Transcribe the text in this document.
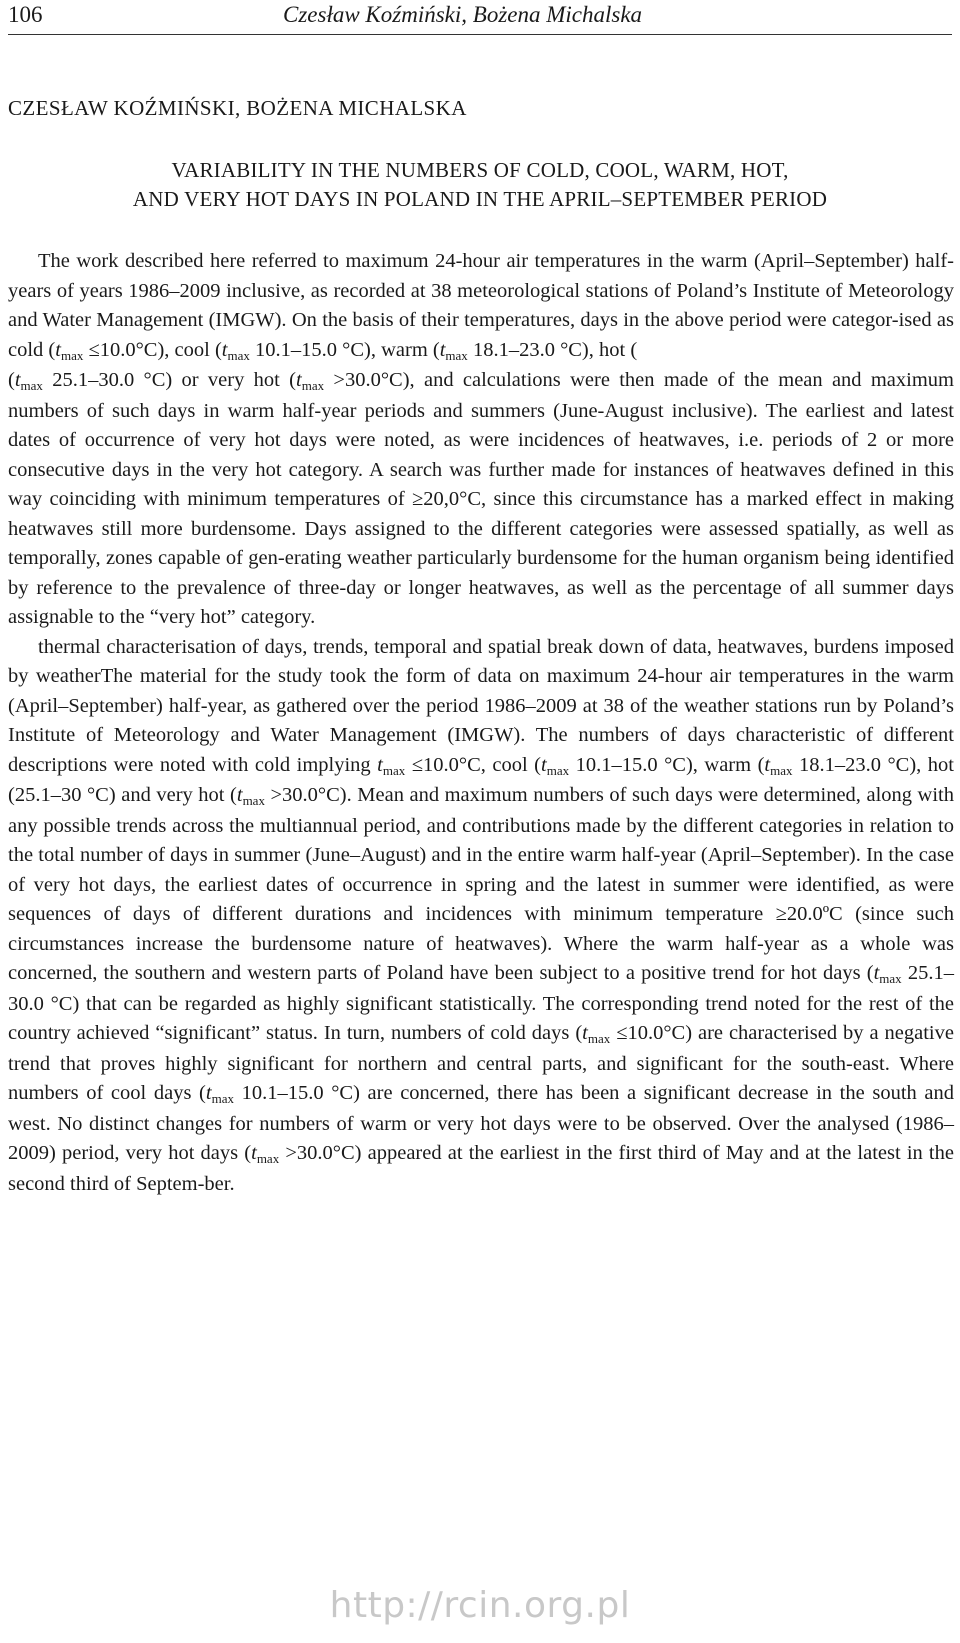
106	Czesław Koźmiński, Bożena Michalska
CZESŁAW KOŹMIŃSKI, BOŻENA MICHALSKA
VARIABILITY IN THE NUMBERS OF COLD, COOL, WARM, HOT,
AND VERY HOT DAYS IN POLAND IN THE APRIL–SEPTEMBER PERIOD

The work described here referred to maximum 24-hour air temperatures in the warm (April–September) half-years of years 1986–2009 inclusive, as recorded at 38 meteorological stations of Poland’s Institute of Meteorology and Water Management (IMGW). On the basis of their temperatures, days in the above period were categor-ised as cold (tmax ≤10.0°C), cool (tmax 10.1–15.0 °C), warm (tmax 18.1–23.0 °C), hot (
(tmax 25.1–30.0 °C) or very hot (tmax >30.0°C), and calculations were then made of the mean and maximum numbers of such days in warm half-year periods and summers (June-August inclusive). The earliest and latest dates of occurrence of very hot days were noted, as were incidences of heatwaves, i.e. periods of 2 or more consecutive days in the very hot category. A search was further made for instances of heatwaves defined in this way coinciding with minimum temperatures of ≥20,0°C, since this circumstance has a marked effect in making heatwaves still more burdensome. Days assigned to the different categories were assessed spatially, as well as temporally, zones capable of gen-erating weather particularly burdensome for the human organism being identified by reference to the prevalence of three-day or longer heatwaves, as well as the percentage of all summer days assignable to the “very hot” category.

thermal characterisation of days, trends, temporal and spatial break down of data, heatwaves, burdens imposed by weatherThe material for the study took the form of data on maximum 24-hour air temperatures in the warm (April–September) half-year, as gathered over the period 1986–2009 at 38 of the weather stations run by Poland’s Institute of Meteorology and Water Management (IMGW). The numbers of days characteristic of different descriptions were noted with cold implying tmax ≤10.0°C, cool (tmax 10.1–15.0 °C), warm (tmax 18.1–23.0 °C), hot (25.1–30 °C) and very hot (tmax >30.0°C). Mean and maximum numbers of such days were determined, along with any possible trends across the multiannual period, and contributions made by the different categories in relation to the total number of days in summer (June–August) and in the entire warm half-year (April–September). In the case of very hot days, the earliest dates of occurrence in spring and the latest in summer were identified, as were sequences of days of different durations and incidences with minimum temperature ≥20.0ºC (since such circumstances increase the burdensome nature of heatwaves). Where the warm half-year as a whole was concerned, the southern and western parts of Poland have been subject to a positive trend for hot days (tmax 25.1–30.0 °C) that can be regarded as highly significant statistically. The corresponding trend noted for the rest of the country achieved “significant” status. In turn, numbers of cold days (tmax ≤10.0°C) are characterised by a negative trend that proves highly significant for northern and central parts, and significant for the south-east. Where numbers of cool days (tmax 10.1–15.0 °C) are concerned, there has been a significant decrease in the south and west. No distinct changes for numbers of warm or very hot days were to be observed. Over the analysed (1986–2009) period, very hot days (tmax >30.0°C) appeared at the earliest in the first third of May and at the latest in the second third of Septem-ber.

http://rcin.org.pl
